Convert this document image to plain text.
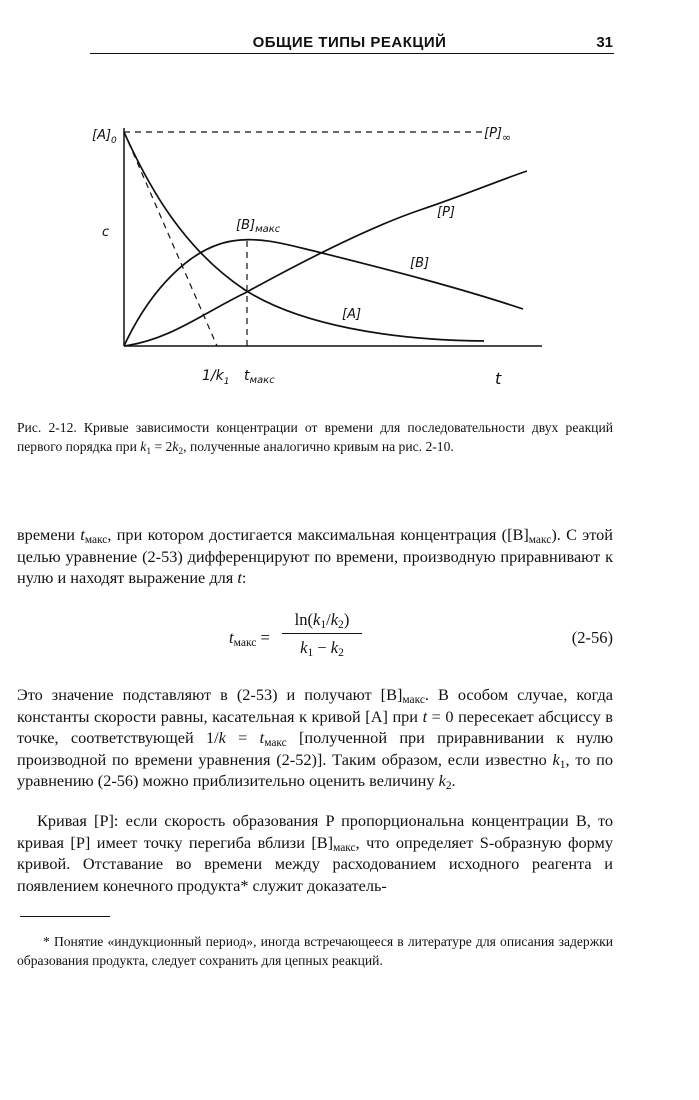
ОБЩИЕ ТИПЫ РЕАКЦИЙ	31
$[A]_0$	$[P]_\infty$
c	$[B]_{макс}$
[P]
[B]
[A]
$1/k_1$ $t_{макс}$	t
Рис. 2-12. Кривые зависимости концентрации от времени для последовательности двух реакций первого порядка при $k_1 = 2k_2$, полученные аналогично кривым на рис. 2-10.

времени $t_{макс}$, при котором достигается максимальная концентрация $([B]_{макс})$. С этой целью уравнение (2-53) дифференцируют по времени, производную приравнивают к нулю и находят выражение для t:

$t_{макс}$ =
$\ln(k_1/k_2)$
$k_1 - k_2$
(2-56)

Это значение подставляют в (2-53) и получают $[B]_{макс}$. В особом случае, когда константы скорости равны, касательная к кривой [A] при t = 0 пересекает абсциссу в точке, соответствующей $1/k = t_{макс}$ [полученной при приравнивании к нулю производной по времени уравнения (2-52)]. Таким образом, если известно $k_1$, то по уравнению (2-56) можно приблизительно оценить величину $k_2$.

Кривая [P]: если скорость образования P пропорциональна концентрации B, то кривая [P] имеет точку перегиба вблизи $[B]_{макс}$, что определяет S-образную форму кривой. Отставание во времени между расходованием исходного реагента и появлением конечного продукта* служит доказатель-

* Понятие «индукционный период», иногда встречающееся в литературе для описания задержки образования продукта, следует сохранить для цепных реакций.
